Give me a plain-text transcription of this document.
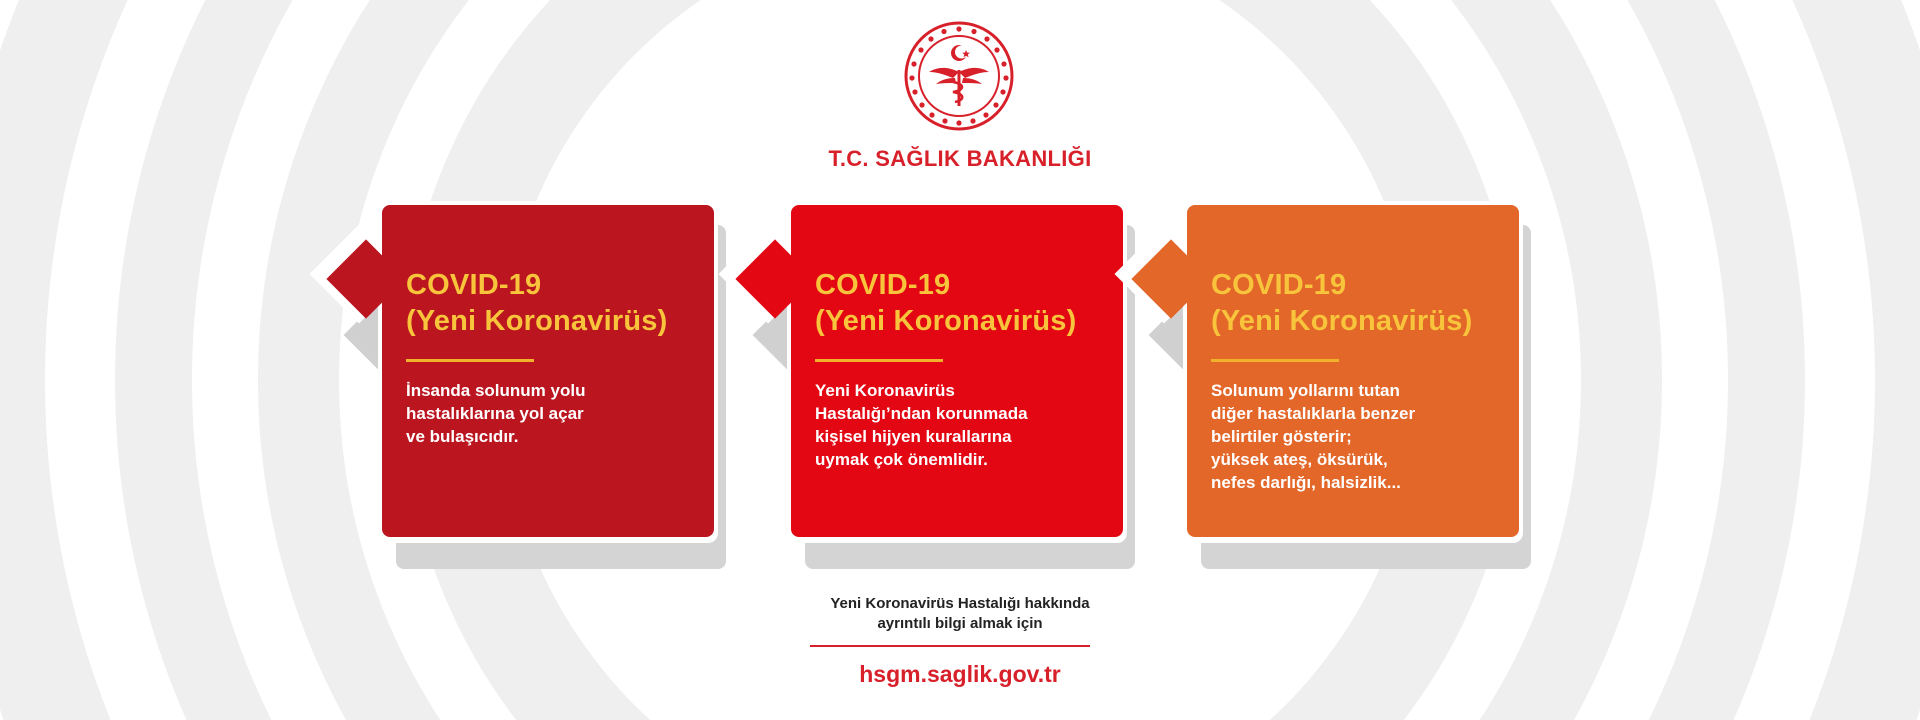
T.C. SAĞLIK BAKANLIĞI
COVID-19
(Yeni Koronavirüs)
İnsanda solunum yolu
hastalıklarına yol açar
ve bulaşıcıdır.
COVID-19
(Yeni Koronavirüs)
Yeni Koronavirüs
Hastalığı’ndan korunmada
kişisel hijyen kurallarına
uymak çok önemlidir.
COVID-19
(Yeni Koronavirüs)
Solunum yollarını tutan
diğer hastalıklarla benzer
belirtiler gösterir;
yüksek ateş, öksürük,
nefes darlığı, halsizlik...
Yeni Koronavirüs Hastalığı hakkında
ayrıntılı bilgi almak için
hsgm.saglik.gov.tr
